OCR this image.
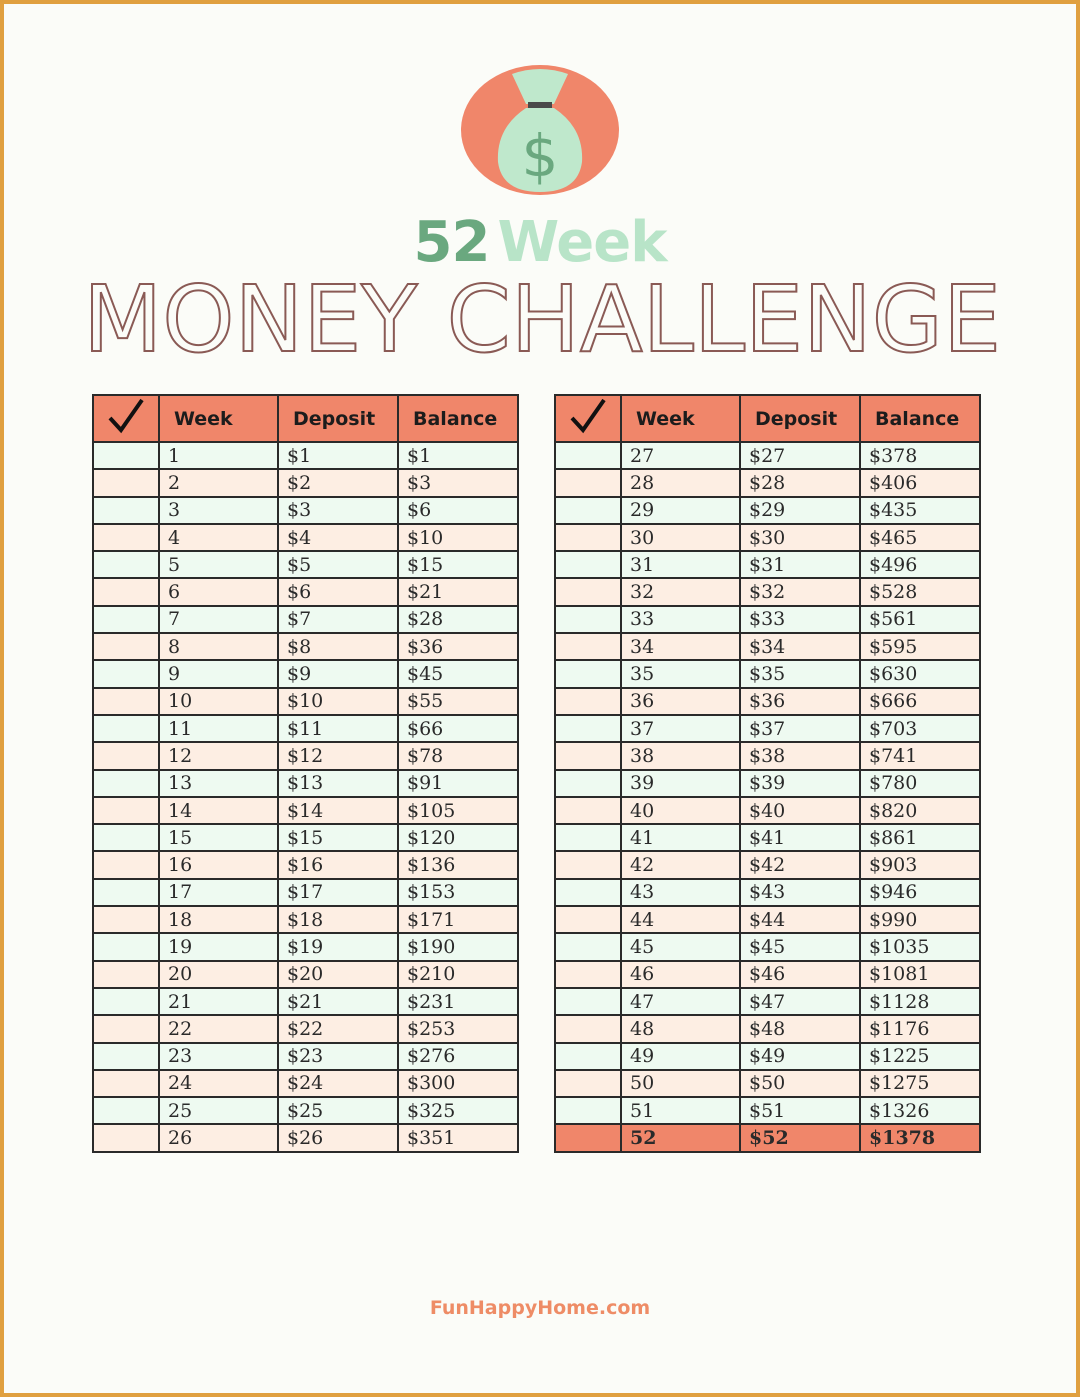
$
52 Week
MONEY CHALLENGE
	Week	Deposit	Balance
	1	$1	$1
	2	$2	$3
	3	$3	$6
	4	$4	$10
	5	$5	$15
	6	$6	$21
	7	$7	$28
	8	$8	$36
	9	$9	$45
	10	$10	$55
	11	$11	$66
	12	$12	$78
	13	$13	$91
	14	$14	$105
	15	$15	$120
	16	$16	$136
	17	$17	$153
	18	$18	$171
	19	$19	$190
	20	$20	$210
	21	$21	$231
	22	$22	$253
	23	$23	$276
	24	$24	$300
	25	$25	$325
	26	$26	$351
	Week	Deposit	Balance
	27	$27	$378
	28	$28	$406
	29	$29	$435
	30	$30	$465
	31	$31	$496
	32	$32	$528
	33	$33	$561
	34	$34	$595
	35	$35	$630
	36	$36	$666
	37	$37	$703
	38	$38	$741
	39	$39	$780
	40	$40	$820
	41	$41	$861
	42	$42	$903
	43	$43	$946
	44	$44	$990
	45	$45	$1035
	46	$46	$1081
	47	$47	$1128
	48	$48	$1176
	49	$49	$1225
	50	$50	$1275
	51	$51	$1326
	52	$52	$1378
FunHappyHome.com
